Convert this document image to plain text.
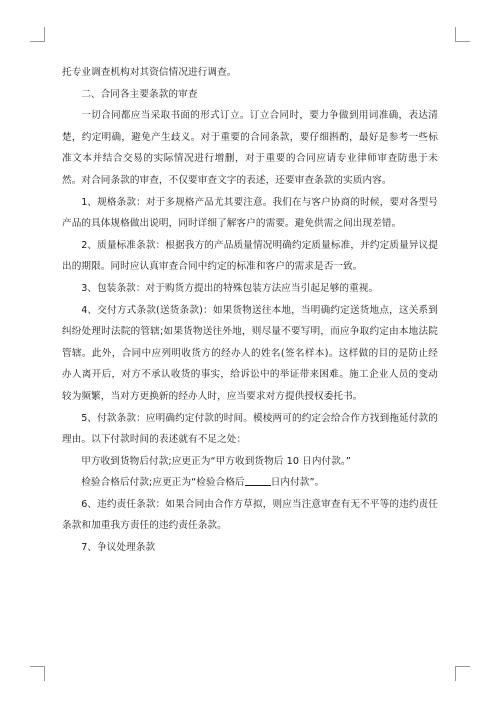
托专业调查机构对其资信情况进行调查。

二、合同各主要条款的审查

一切合同都应当采取书面的形式订立。订立合同时，要力争做到用词准确，表达清楚，约定明确，避免产生歧义。对于重要的合同条款，要仔细斟酌，最好是参考一些标准文本并结合交易的实际情况进行增删，对于重要的合同应请专业律师审查防患于未然。对合同条款的审查，不仅要审查文字的表述，还要审查条款的实质内容。

1、规格条款：对于多规格产品尤其要注意。我们在与客户协商的时候，要对各型号产品的具体规格做出说明，同时详细了解客户的需要。避免供需之间出现差错。

2、质量标准条款：根据我方的产品质量情况明确约定质量标准，并约定质量异议提出的期限。同时应认真审查合同中约定的标准和客户的需求是否一致。

3、包装条款：对于购货方提出的特殊包装方法应当引起足够的重视。

4、交付方式条款(送货条款)：如果货物送往本地，当明确约定送货地点，这关系到纠纷处理时法院的管辖;如果货物送往外地，则尽量不要写明，而应争取约定由本地法院管辖。此外，合同中应列明收货方的经办人的姓名(签名样本)。这样做的目的是防止经办人离开后，对方不承认收货的事实，给诉讼中的举证带来困难。施工企业人员的变动较为频繁，当对方更换新的经办人时，应当要求对方提供授权委托书。

5、付款条款：应明确约定付款的时间。模棱两可的约定会给合作方找到拖延付款的理由。以下付款时间的表述就有不足之处：

甲方收到货物后付款;应更正为“甲方收到货物后 10 日内付款。”

检验合格后付款;应更正为“检验合格后	日内付款”。

6、违约责任条款：如果合同由合作方草拟，则应当注意审查有无不平等的违约责任条款和加重我方责任的违约责任条款。

7、争议处理条款
